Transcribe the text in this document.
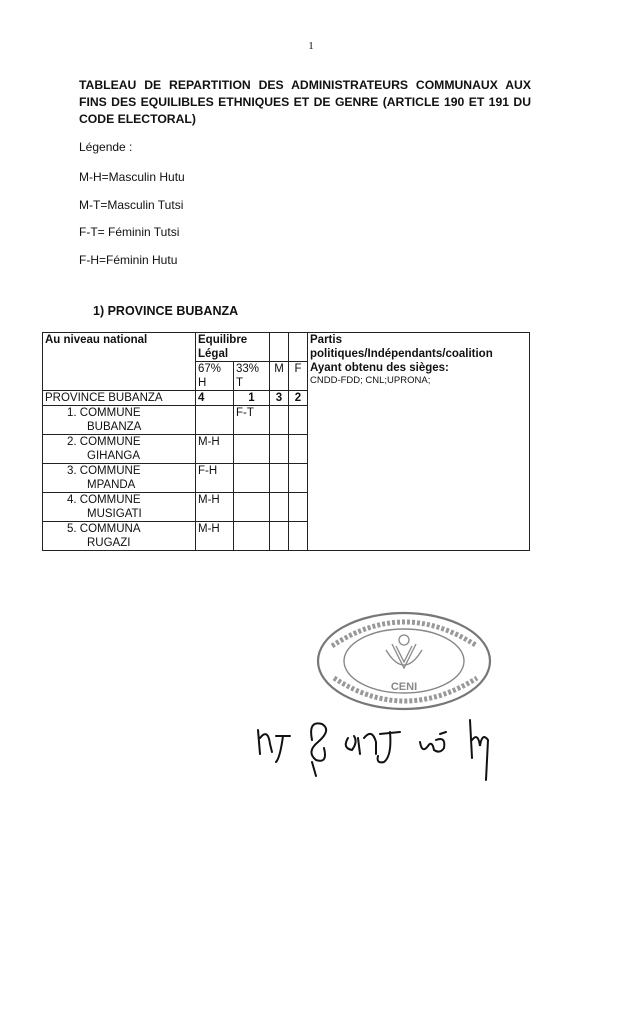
1
TABLEAU DE REPARTITION DES ADMINISTRATEURS COMMUNAUX AUX FINS DES EQUILIBLES ETHNIQUES ET DE GENRE (ARTICLE 190 ET 191 DU CODE ELECTORAL)
Légende :
M-H=Masculin Hutu
M-T=Masculin Tutsi
F-T= Féminin Tutsi
F-H=Féminin Hutu
1) PROVINCE BUBANZA
Au niveau national	Equilibre Légal				Partis politiques/Indépendants/coalition
Ayant obtenu des sièges:
CNDD-FDD; CNL;UPRONA;

	67% H	33% T	M	F	
PROVINCE BUBANZA	4	1	3	2	
1. COMMUNE
BUBANZA		F-T			
2. COMMUNE
GIHANGA	M-H				
3. COMMUNE
MPANDA	F-H				
4. COMMUNE
MUSIGATI	M-H				
5. COMMUNA
RUGAZI	M-H				
CENI
